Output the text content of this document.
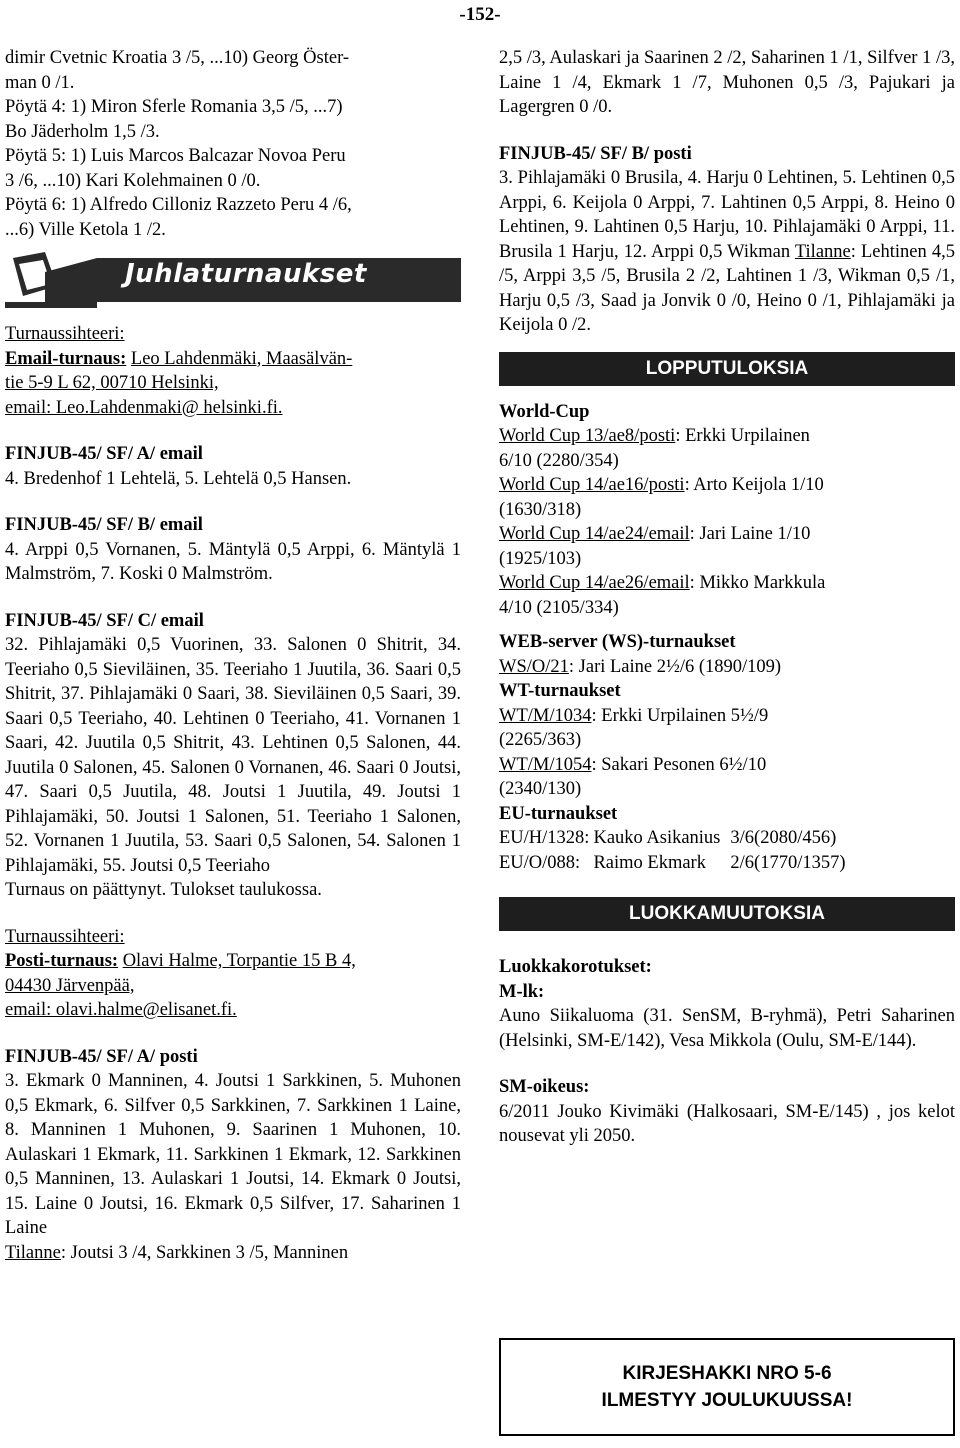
-152-

dimir Cvetnic Kroatia 3 /5, ...10) Georg Öster-

man 0 /1.

Pöytä 4: 1) Miron Sferle Romania 3,5 /5, ...7)

Bo Jäderholm 1,5 /3.

Pöytä 5: 1) Luis Marcos Balcazar Novoa Peru

3 /6, ...10) Kari Kolehmainen 0 /0.

Pöytä 6: 1) Alfredo Cilloniz Razzeto Peru 4 /6,

...6) Ville Ketola 1 /2.

Juhlaturnaukset

Turnaussihteeri:

Email-turnaus: Leo Lahdenmäki, Maasälvän-

tie 5-9 L 62, 00710 Helsinki,

email: Leo.Lahdenmaki@ helsinki.fi.

FINJUB-45/ SF/ A/ email

4. Bredenhof 1 Lehtelä, 5. Lehtelä 0,5 Hansen.

FINJUB-45/ SF/ B/ email

4. Arppi 0,5 Vornanen, 5. Mäntylä 0,5 Arppi, 6. Mäntylä 1 Malmström, 7. Koski 0 Malmström.

FINJUB-45/ SF/ C/ email

32. Pihlajamäki 0,5 Vuorinen, 33. Salonen 0 Shitrit, 34. Teeriaho 0,5 Sieviläinen, 35. Teeriaho 1 Juutila, 36. Saari 0,5 Shitrit, 37. Pihlajamäki 0 Saari, 38. Sieviläinen 0,5 Saari, 39. Saari 0,5 Teeriaho, 40. Lehtinen 0 Teeriaho, 41. Vornanen 1 Saari, 42. Juutila 0,5 Shitrit, 43. Lehtinen 0,5 Salonen, 44. Juutila 0 Salonen, 45. Salonen 0 Vornanen, 46. Saari 0 Joutsi, 47. Saari 0,5 Juutila, 48. Joutsi 1 Juutila, 49. Joutsi 1 Pihlajamäki, 50. Joutsi 1 Salonen, 51. Teeriaho 1 Salonen, 52. Vornanen 1 Juutila, 53. Saari 0,5 Salonen, 54. Salonen 1 Pihlajamäki, 55. Joutsi 0,5 Teeriaho

Turnaus on päättynyt. Tulokset taulukossa.

Turnaussihteeri:

Posti-turnaus: Olavi Halme, Torpantie 15 B 4,

04430 Järvenpää,

email: olavi.halme@elisanet.fi.

FINJUB-45/ SF/ A/ posti

3. Ekmark 0 Manninen, 4. Joutsi 1 Sarkkinen, 5. Muhonen 0,5 Ekmark, 6. Silfver 0,5 Sarkkinen, 7. Sarkkinen 1 Laine, 8. Manninen 1 Muhonen, 9. Saarinen 1 Muhonen, 10. Aulaskari 1 Ekmark, 11. Sarkkinen 1 Ekmark, 12. Sarkkinen 0,5 Manninen, 13. Aulaskari 1 Joutsi, 14. Ekmark 0 Joutsi, 15. Laine 0 Joutsi, 16. Ekmark 0,5 Silfver, 17. Saharinen 1 Laine

Tilanne: Joutsi 3 /4, Sarkkinen 3 /5, Manninen

2,5 /3, Aulaskari ja Saarinen 2 /2, Saharinen 1 /1, Silfver 1 /3, Laine 1 /4, Ekmark 1 /7, Muhonen 0,5 /3, Pajukari ja Lagergren 0 /0.

FINJUB-45/ SF/ B/ posti

3. Pihlajamäki 0 Brusila, 4. Harju 0 Lehtinen, 5. Lehtinen 0,5 Arppi, 6. Keijola 0 Arppi, 7. Lahtinen 0,5 Arppi, 8. Heino 0 Lehtinen, 9. Lahtinen 0,5 Harju, 10. Pihlajamäki 0 Arppi, 11. Brusila 1 Harju, 12. Arppi 0,5 Wikman Tilanne: Lehtinen 4,5 /5, Arppi 3,5 /5, Brusila 2 /2, Lahtinen 1 /3, Wikman 0,5 /1, Harju 0,5 /3, Saad ja Jonvik 0 /0, Heino 0 /1, Pihlajamäki ja Keijola 0 /2.

LOPPUTULOKSIA

World-Cup

World Cup 13/ae8/posti: Erkki Urpilainen

6/10 (2280/354)

World Cup 14/ae16/posti: Arto Keijola 1/10

(1630/318)

World Cup 14/ae24/email: Jari Laine 1/10

(1925/103)

World Cup 14/ae26/email: Mikko Markkula

4/10 (2105/334)

WEB-server (WS)-turnaukset

WS/O/21: Jari Laine 2½/6 (1890/109)

WT-turnaukset

WT/M/1034: Erkki Urpilainen 5½/9

(2265/363)

WT/M/1054: Sakari Pesonen 6½/10

(2340/130)

EU-turnaukset

EU/H/1328:	Kauko Asikanius	3/6	(2080/456)
EU/O/088:	Raimo Ekmark	2/6	(1770/1357)
LUOKKAMUUTOKSIA

Luokkakorotukset:

M-lk:

Auno Siikaluoma (31. SenSM, B-ryhmä), Petri Saharinen (Helsinki, SM-E/142), Vesa Mikkola (Oulu, SM-E/144).

SM-oikeus:

6/2011 Jouko Kivimäki (Halkosaari, SM-E/145) , jos kelot nousevat yli 2050.

KIRJESHAKKI NRO 5-6
ILMESTYY JOULUKUUSSA!
